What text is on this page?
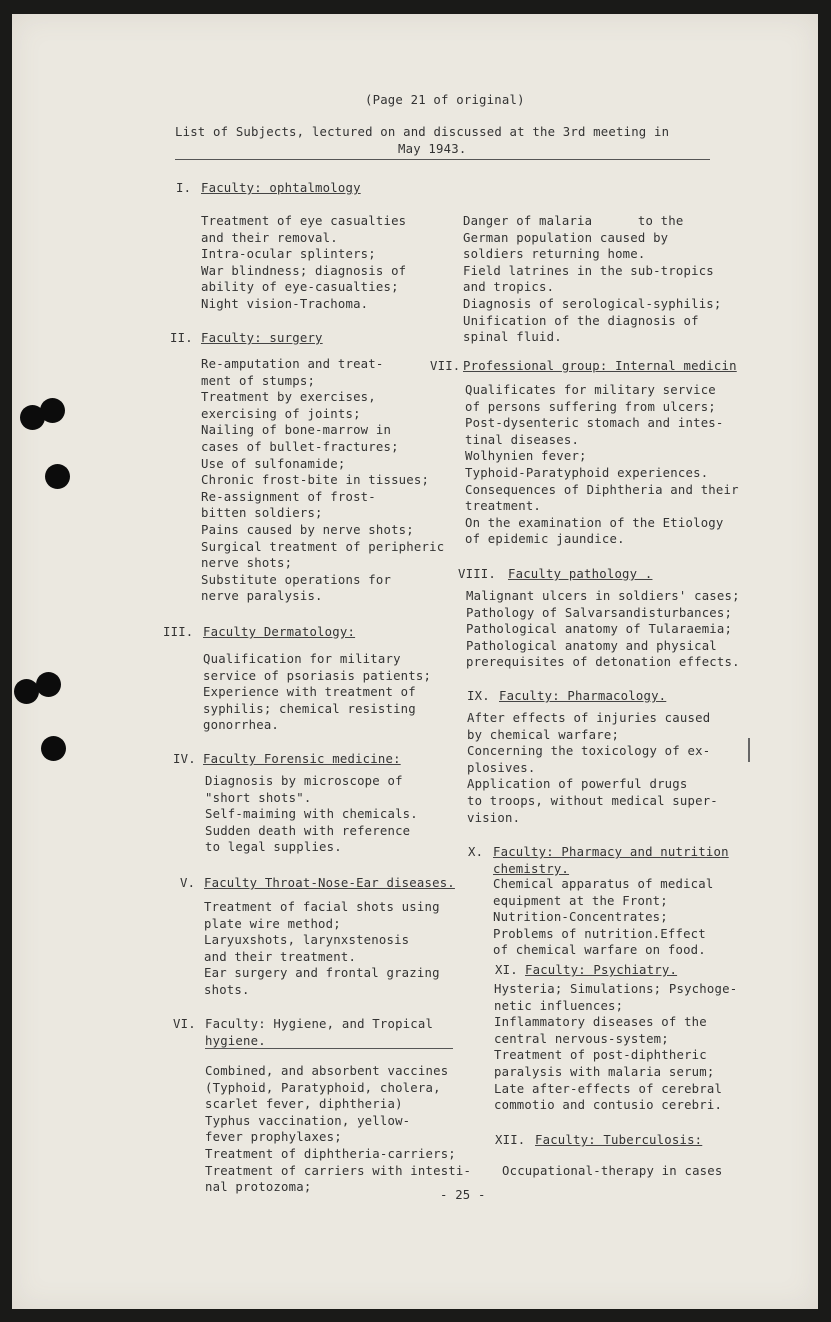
(Page 21 of original)
List of Subjects, lectured on and discussed at the 3rd meeting in
May 1943.
I. Faculty: ophtalmology
Treatment of eye casualties
and their removal.
Intra-ocular splinters;
War blindness; diagnosis of
ability of eye-casualties;
Night vision-Trachoma.
II. Faculty: surgery
Re-amputation and treat-
ment of stumps;
Treatment by exercises,
exercising of joints;
Nailing of bone-marrow in
cases of bullet-fractures;
Use of sulfonamide;
Chronic frost-bite in tissues;
Re-assignment of frost-
bitten soldiers;
Pains caused by nerve shots;
Surgical treatment of peripheric
nerve shots;
Substitute operations for
nerve paralysis.
III. Faculty Dermatology:
Qualification for military
service of psoriasis patients;
Experience with treatment of
syphilis; chemical resisting
gonorrhea.
IV. Faculty Forensic medicine:
Diagnosis by microscope of
"short shots".
Self-maiming with chemicals.
Sudden death with reference
to legal supplies.
V. Faculty Throat-Nose-Ear diseases.
Treatment of facial shots using
plate wire method;
Laryuxshots, larynxstenosis
and their treatment.
Ear surgery and frontal grazing
shots.
VI. Faculty: Hygiene, and Tropical
hygiene.
Combined, and absorbent vaccines
(Typhoid, Paratyphoid, cholera,
scarlet fever, diphtheria)
Typhus vaccination, yellow-
fever prophylaxes;
Treatment of diphtheria-carriers;
Treatment of carriers with intesti-
nal protozoma;
Danger of malaria      to the
German population caused by
soldiers returning home.
Field latrines in the sub-tropics
and tropics.
Diagnosis of serological-syphilis;
Unification of the diagnosis of
spinal fluid.
VII. Professional group: Internal medicin
Qualificates for military service
of persons suffering from ulcers;
Post-dysenteric stomach and intes-
tinal diseases.
Wolhynien fever;
Typhoid-Paratyphoid experiences.
Consequences of Diphtheria and their
treatment.
On the examination of the Etiology
of epidemic jaundice.
VIII. Faculty pathology .
Malignant ulcers in soldiers' cases;
Pathology of Salvarsandisturbances;
Pathological anatomy of Tularaemia;
Pathological anatomy and physical
prerequisites of detonation effects.
IX. Faculty: Pharmacology.
After effects of injuries caused
by chemical warfare;
Concerning the toxicology of ex-
plosives.
Application of powerful drugs
to troops, without medical super-
vision.
X. Faculty: Pharmacy and nutrition
chemistry.
Chemical apparatus of medical
equipment at the Front;
Nutrition-Concentrates;
Problems of nutrition.Effect
of chemical warfare on food.
XI. Faculty: Psychiatry.
Hysteria; Simulations; Psychoge-
netic influences;
Inflammatory diseases of the
central nervous-system;
Treatment of post-diphtheric
paralysis with malaria serum;
Late after-effects of cerebral
commotio and contusio cerebri.
XII. Faculty: Tuberculosis:
Occupational-therapy in cases
- 25 -
